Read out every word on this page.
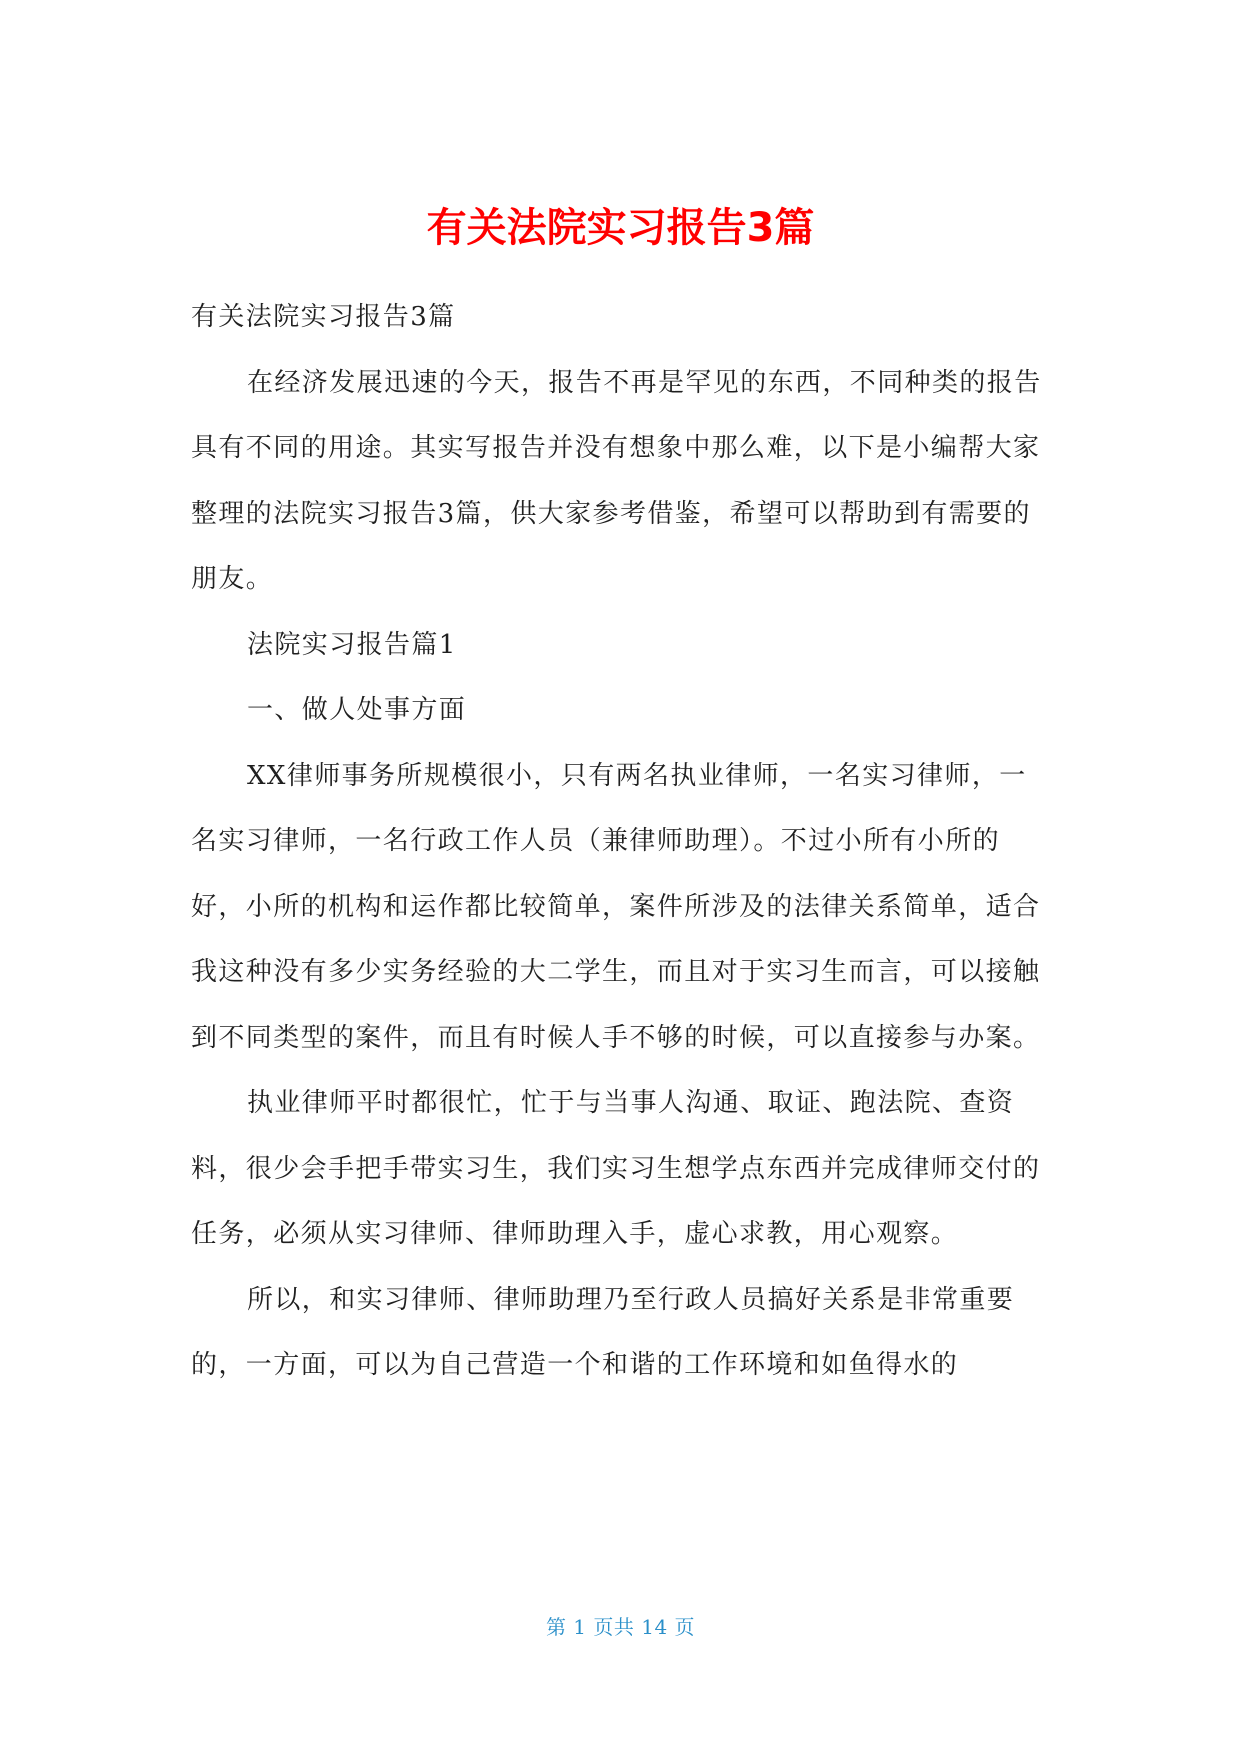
有关法院实习报告3篇

有关法院实习报告3篇

在经济发展迅速的今天，报告不再是罕见的东西，不同种类的报告具有不同的用途。其实写报告并没有想象中那么难，以下是小编帮大家整理的法院实习报告3篇，供大家参考借鉴，希望可以帮助到有需要的朋友。

法院实习报告篇1

一、做人处事方面

XX律师事务所规模很小，只有两名执业律师，一名实习律师，一名实习律师，一名行政工作人员（兼律师助理）。不过小所有小所的好，小所的机构和运作都比较简单，案件所涉及的法律关系简单，适合我这种没有多少实务经验的大二学生，而且对于实习生而言，可以接触到不同类型的案件，而且有时候人手不够的时候，可以直接参与办案。

执业律师平时都很忙，忙于与当事人沟通、取证、跑法院、查资料，很少会手把手带实习生，我们实习生想学点东西并完成律师交付的任务，必须从实习律师、律师助理入手，虚心求教，用心观察。

所以，和实习律师、律师助理乃至行政人员搞好关系是非常重要的，一方面，可以为自己营造一个和谐的工作环境和如鱼得水的

第 1 页共 14 页
